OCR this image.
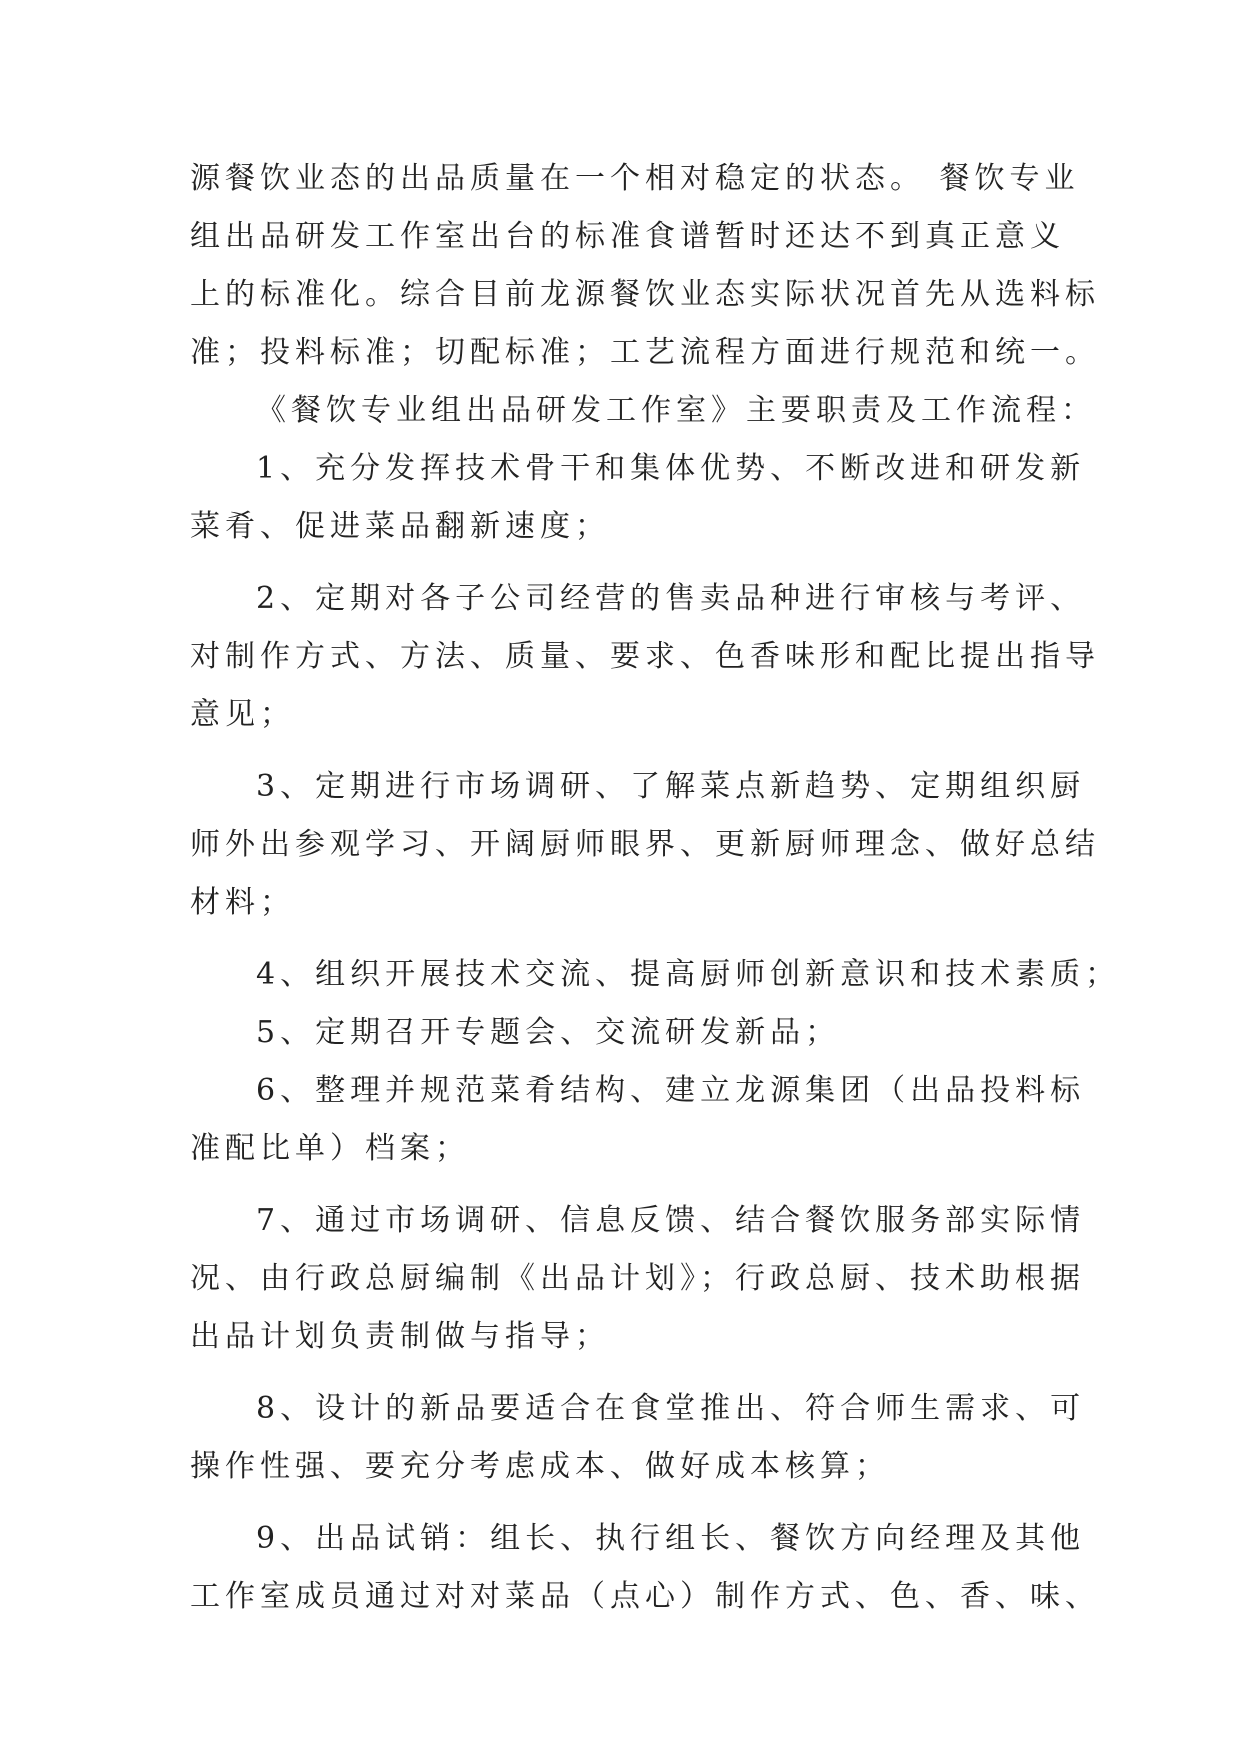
源餐饮业态的出品质量在一个相对稳定的状态。 餐饮专业
组出品研发工作室出台的标准食谱暂时还达不到真正意义
上的标准化。综合目前龙源餐饮业态实际状况首先从选料标
准；投料标准；切配标准；工艺流程方面进行规范和统一。
《餐饮专业组出品研发工作室》主要职责及工作流程：
1、充分发挥技术骨干和集体优势、不断改进和研发新
菜肴、促进菜品翻新速度；
2、定期对各子公司经营的售卖品种进行审核与考评、
对制作方式、方法、质量、要求、色香味形和配比提出指导
意见；
3、定期进行市场调研、了解菜点新趋势、定期组织厨
师外出参观学习、开阔厨师眼界、更新厨师理念、做好总结
材料；
4、组织开展技术交流、提高厨师创新意识和技术素质；
5、定期召开专题会、交流研发新品；
6、整理并规范菜肴结构、建立龙源集团（出品投料标
准配比单）档案；
7、通过市场调研、信息反馈、结合餐饮服务部实际情
况、由行政总厨编制《出品计划》；行政总厨、技术助根据
出品计划负责制做与指导；
8、设计的新品要适合在食堂推出、符合师生需求、可
操作性强、要充分考虑成本、做好成本核算；
9、出品试销：组长、执行组长、餐饮方向经理及其他
工作室成员通过对对菜品（点心）制作方式、色、香、味、
